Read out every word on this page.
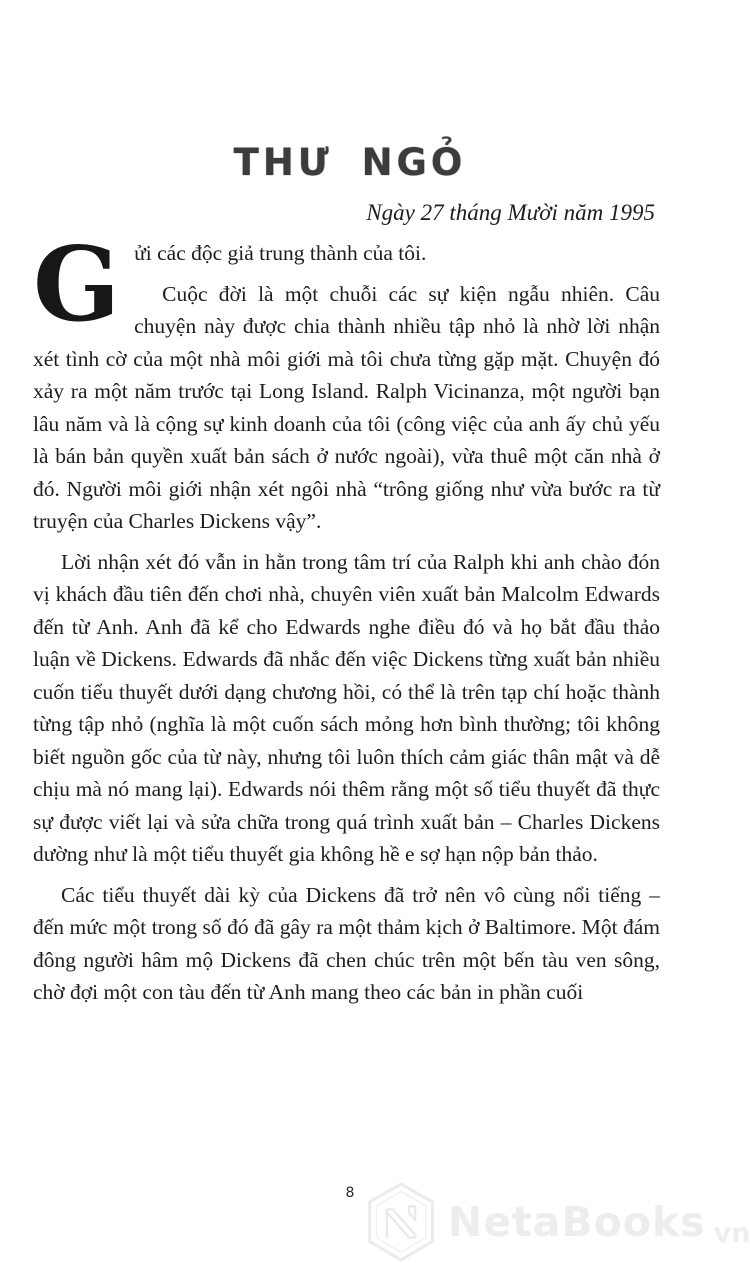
THƯ NGỎ
Ngày 27 tháng Mười năm 1995
G ửi các độc giả trung thành của tôi.

Cuộc đời là một chuỗi các sự kiện ngẫu nhiên. Câu chuyện này được chia thành nhiều tập nhỏ là nhờ lời nhận xét tình cờ của một nhà môi giới mà tôi chưa từng gặp mặt. Chuyện đó xảy ra một năm trước tại Long Island. Ralph Vicinanza, một người bạn lâu năm và là cộng sự kinh doanh của tôi (công việc của anh ấy chủ yếu là bán bản quyền xuất bản sách ở nước ngoài), vừa thuê một căn nhà ở đó. Người môi giới nhận xét ngôi nhà “trông giống như vừa bước ra từ truyện của Charles Dickens vậy”.

Lời nhận xét đó vẫn in hằn trong tâm trí của Ralph khi anh chào đón vị khách đầu tiên đến chơi nhà, chuyên viên xuất bản Malcolm Edwards đến từ Anh. Anh đã kể cho Edwards nghe điều đó và họ bắt đầu thảo luận về Dickens. Edwards đã nhắc đến việc Dickens từng xuất bản nhiều cuốn tiểu thuyết dưới dạng chương hồi, có thể là trên tạp chí hoặc thành từng tập nhỏ (nghĩa là một cuốn sách mỏng hơn bình thường; tôi không biết nguồn gốc của từ này, nhưng tôi luôn thích cảm giác thân mật và dễ chịu mà nó mang lại). Edwards nói thêm rằng một số tiểu thuyết đã thực sự được viết lại và sửa chữa trong quá trình xuất bản – Charles Dickens dường như là một tiểu thuyết gia không hề e sợ hạn nộp bản thảo.

Các tiểu thuyết dài kỳ của Dickens đã trở nên vô cùng nổi tiếng – đến mức một trong số đó đã gây ra một thảm kịch ở Baltimore. Một đám đông người hâm mộ Dickens đã chen chúc trên một bến tàu ven sông, chờ đợi một con tàu đến từ Anh mang theo các bản in phần cuối

8
NetaBooks vn
